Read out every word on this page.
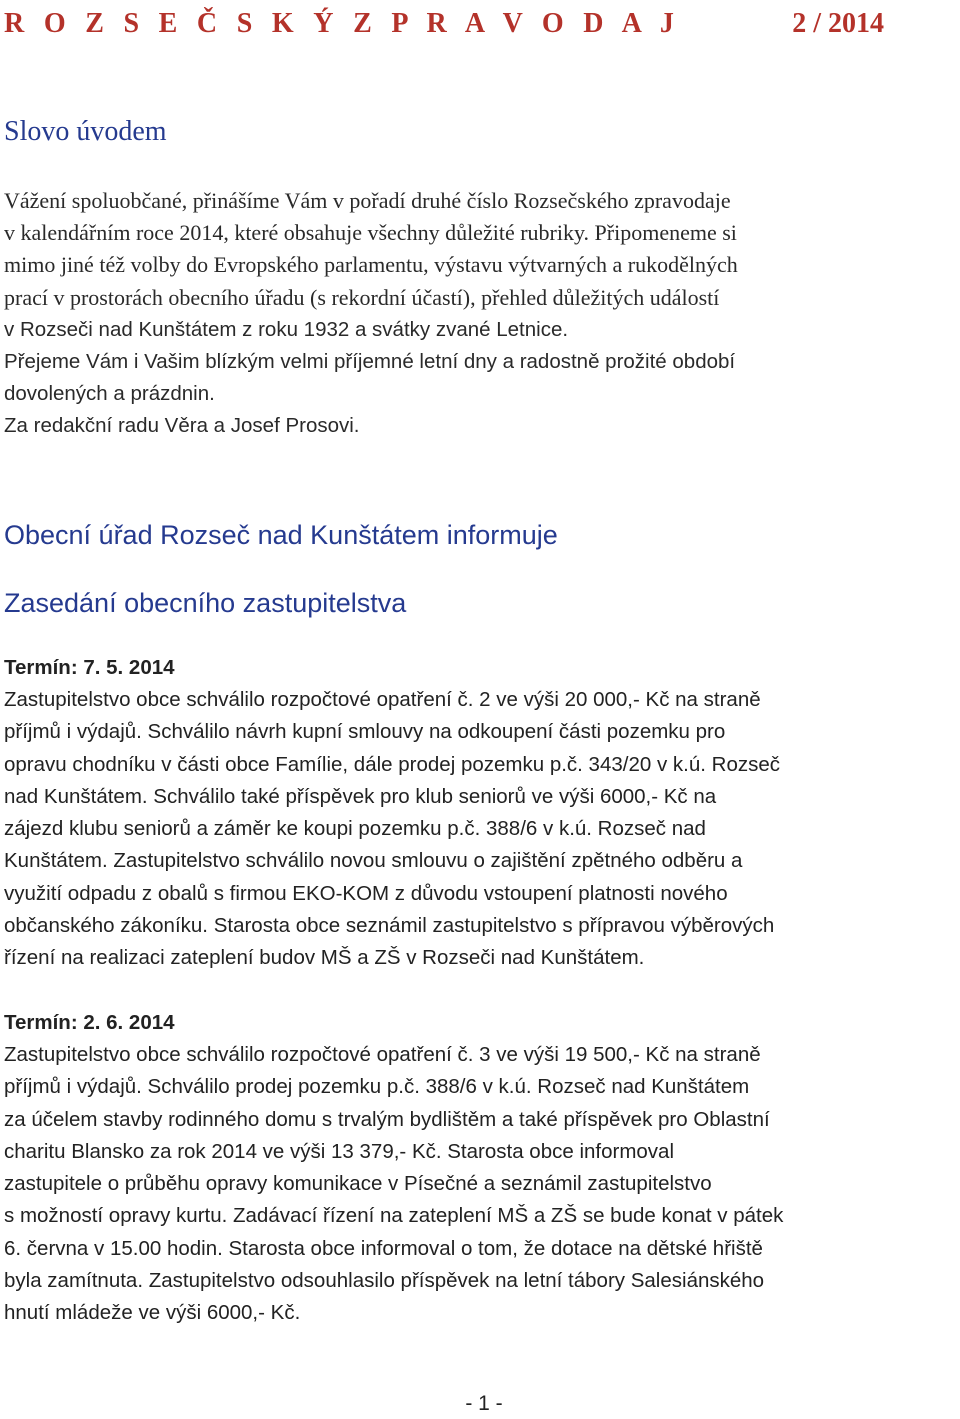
R O Z S E Č S K Ý Z P R A V O D A J	2 / 2014
Slovo úvodem
Vážení spoluobčané, přinášíme Vám v pořadí druhé číslo Rozsečského zpravodaje
v kalendářním roce 2014, které obsahuje všechny důležité rubriky. Připomeneme si
mimo jiné též volby do Evropského parlamentu, výstavu výtvarných a rukodělných
prací v prostorách obecního úřadu (s rekordní účastí), přehled důležitých událostí
v Rozseči nad Kunštátem z roku 1932 a svátky zvané Letnice.
Přejeme Vám i Vašim blízkým velmi příjemné letní dny a radostně prožité období
dovolených a prázdnin.
Za redakční radu Věra a Josef Prosovi.
Obecní úřad Rozseč nad Kunštátem informuje
Zasedání obecního zastupitelstva

Termín: 7. 5. 2014

Zastupitelstvo obce schválilo rozpočtové opatření č. 2 ve výši 20 000,- Kč na straně
příjmů i výdajů. Schválilo návrh kupní smlouvy na odkoupení části pozemku pro
opravu chodníku v části obce Famílie, dále prodej pozemku p.č. 343/20 v k.ú. Rozseč
nad Kunštátem. Schválilo také příspěvek pro klub seniorů ve výši 6000,- Kč na
zájezd klubu seniorů a záměr ke koupi pozemku p.č. 388/6 v k.ú. Rozseč nad
Kunštátem. Zastupitelstvo schválilo novou smlouvu o zajištění zpětného odběru a
využití odpadu z obalů s firmou EKO-KOM z důvodu vstoupení platnosti nového
občanského zákoníku. Starosta obce seznámil zastupitelstvo s přípravou výběrových
řízení na realizaci zateplení budov MŠ a ZŠ v Rozseči nad Kunštátem.

Termín: 2. 6. 2014

Zastupitelstvo obce schválilo rozpočtové opatření č. 3 ve výši 19 500,- Kč na straně
příjmů i výdajů. Schválilo prodej pozemku p.č. 388/6 v k.ú. Rozseč nad Kunštátem
za účelem stavby rodinného domu s trvalým bydlištěm a také příspěvek pro Oblastní
charitu Blansko za rok 2014 ve výši 13 379,- Kč. Starosta obce informoval
zastupitele o průběhu opravy komunikace v Písečné a seznámil zastupitelstvo
s možností opravy kurtu. Zadávací řízení na zateplení MŠ a ZŠ se bude konat v pátek
6. června v 15.00 hodin. Starosta obce informoval o tom, že dotace na dětské hřiště
byla zamítnuta. Zastupitelstvo odsouhlasilo příspěvek na letní tábory Salesiánského
hnutí mládeže ve výši 6000,- Kč.

- 1 -
